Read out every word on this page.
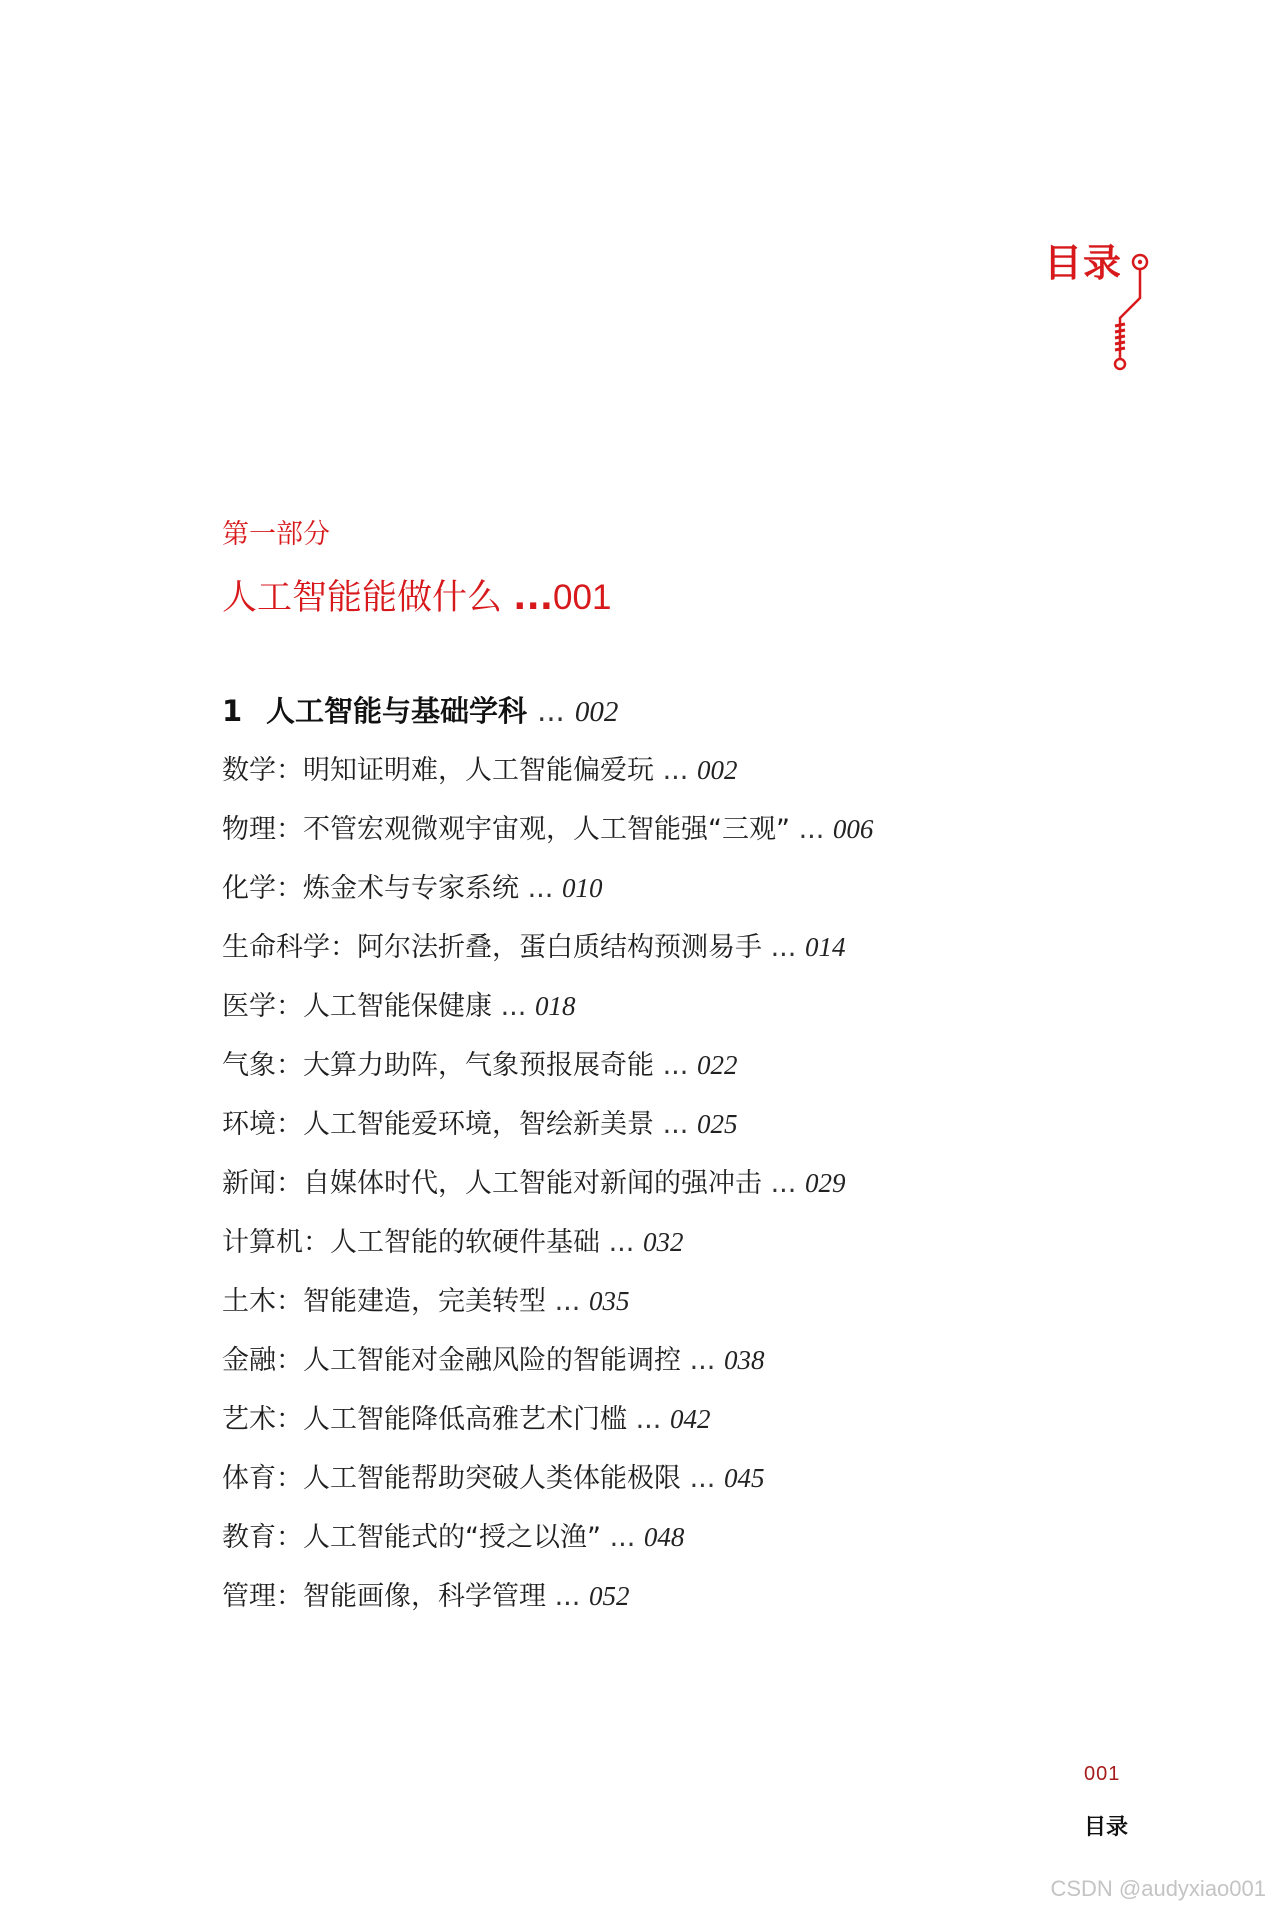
目录
第一部分
人工智能能做什么 ...001
1 人工智能与基础学科 ... 002
数学：明知证明难，人工智能偏爱玩 ... 002
物理：不管宏观微观宇宙观，人工智能强“三观” ... 006
化学：炼金术与专家系统 ... 010
生命科学：阿尔法折叠，蛋白质结构预测易手 ... 014
医学：人工智能保健康 ... 018
气象：大算力助阵，气象预报展奇能 ... 022
环境：人工智能爱环境，智绘新美景 ... 025
新闻：自媒体时代，人工智能对新闻的强冲击 ... 029
计算机：人工智能的软硬件基础 ... 032
土木：智能建造，完美转型 ... 035
金融：人工智能对金融风险的智能调控 ... 038
艺术：人工智能降低高雅艺术门槛 ... 042
体育：人工智能帮助突破人类体能极限 ... 045
教育：人工智能式的“授之以渔” ... 048
管理：智能画像，科学管理 ... 052
001
目录
CSDN @audyxiao001
